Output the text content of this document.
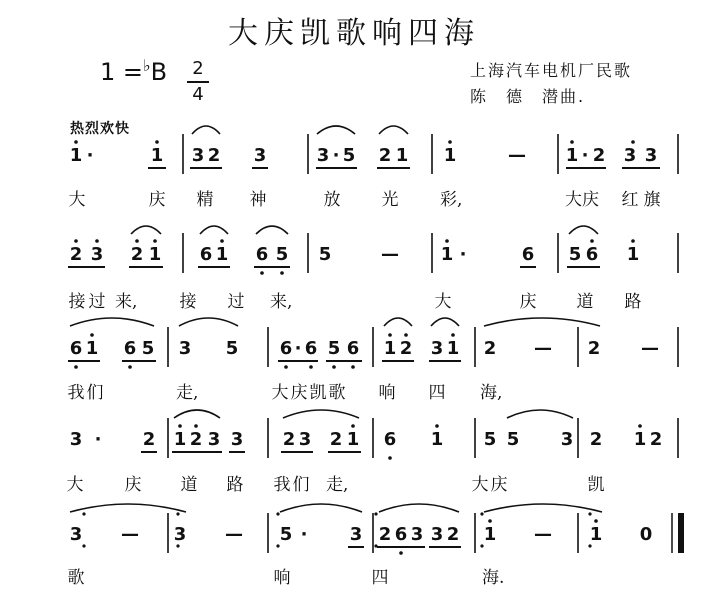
大庆凯歌响四海
1 =♭B 2
4
上海汽车电机厂民歌
陈　德　潜曲.
热烈欢快
1 ·	1 3 2 3	3 · 5 2 1 1	— 1 · 2 3 3
大	庆 精 神	放 光 彩,	大庆 红 旗
2 3 2 1 6 1 6 5 5	— 1 ·	6 5 6 1
接 过 来,	接 过 来,	大	庆 道 路
6 1 6 5 3 5 6 · 6 5 6 1 2 3 1 2 — 2 —
我 们	走,	大 庆 凯 歌 响 四 海,
3 · 2 1 2 3 3 2 3 2 1 6 1 5 5 3 2 1 2
大 庆 道 路 我 们 走,	大 庆	凯
3 — 3 — 5 · 3 2 6 3 3 2 1 — 1 0
歌	响	四	海.
